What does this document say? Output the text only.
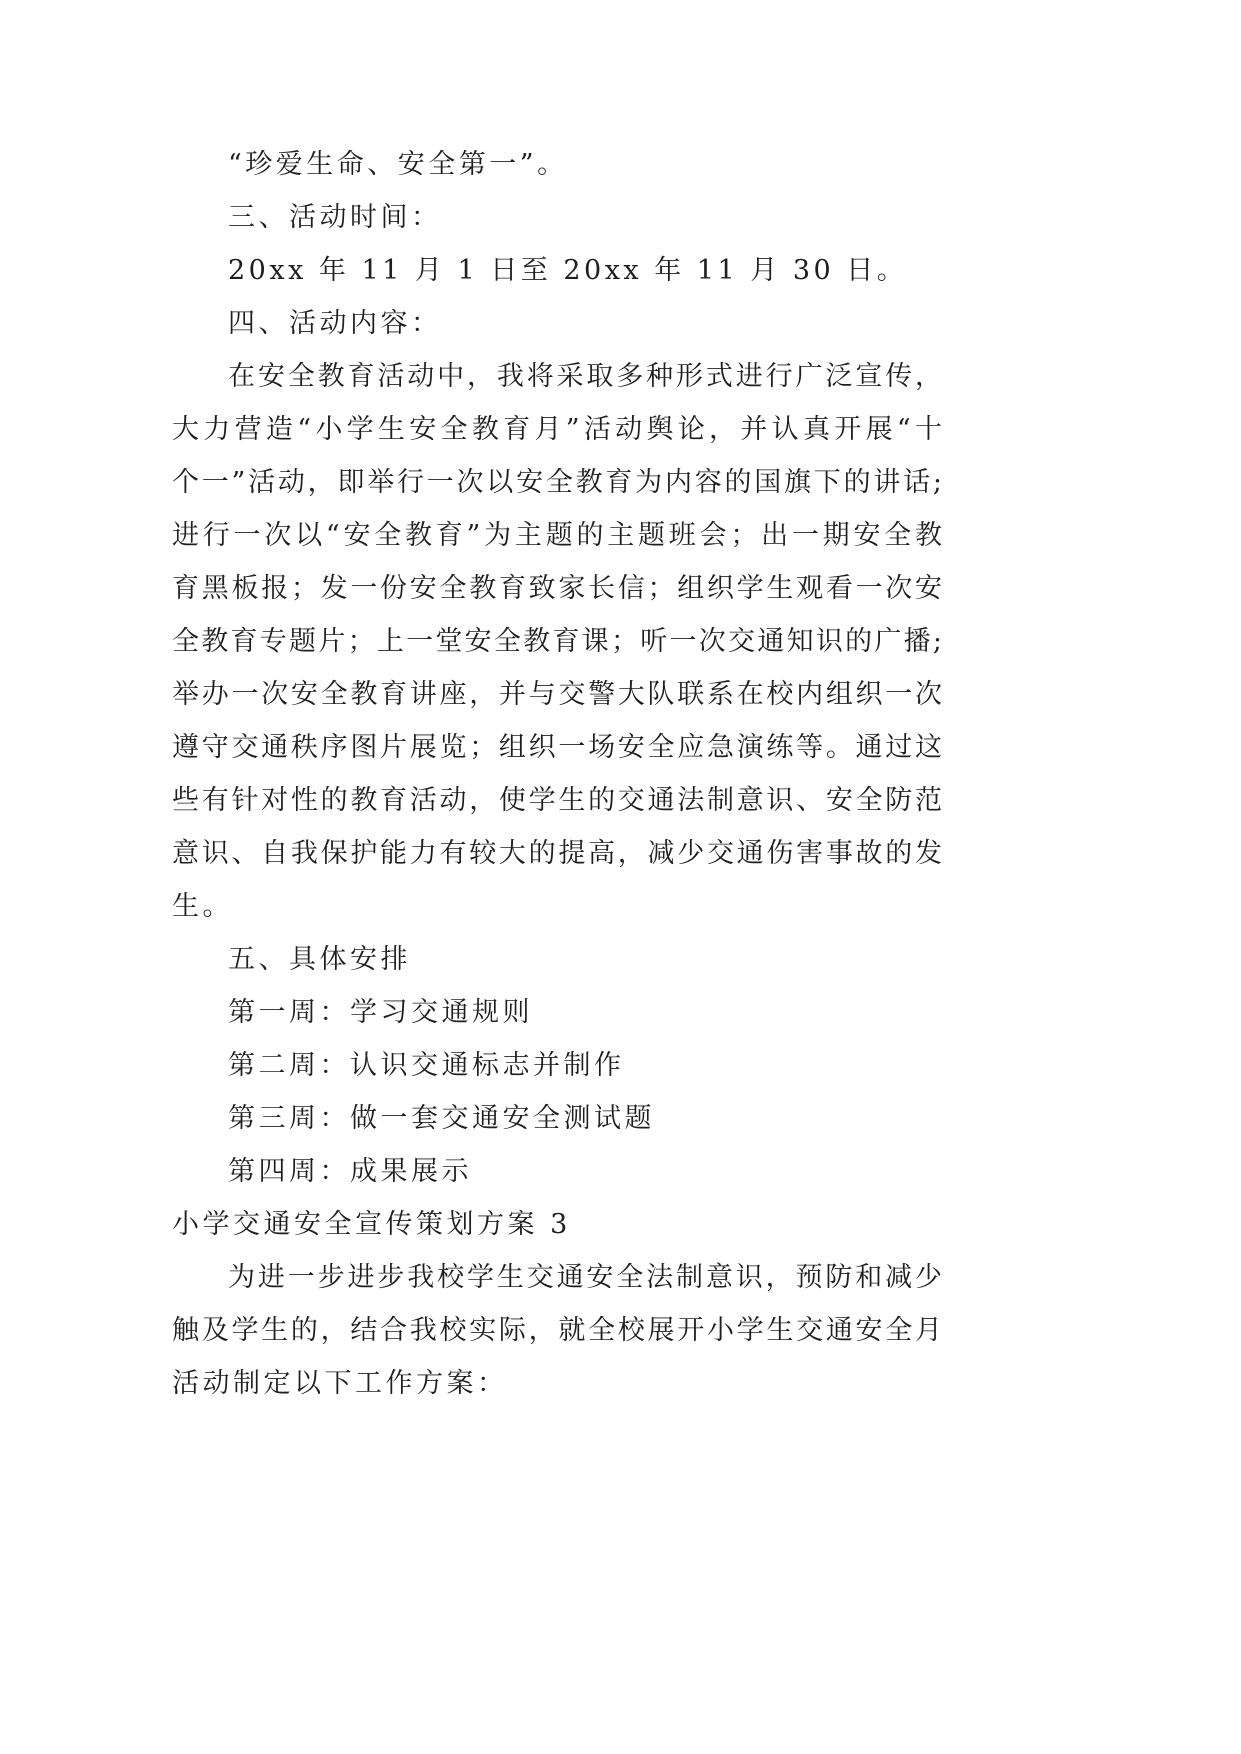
“珍爱生命、安全第一”。
三、活动时间：
20xx 年 11 月 1 日至 20xx 年 11 月 30 日。
四、活动内容：
在安全教育活动中，我将采取多种形式进行广泛宣传，
大力营造“小学生安全教育月”活动舆论，并认真开展“十
个一”活动，即举行一次以安全教育为内容的国旗下的讲话;
进行一次以“安全教育”为主题的主题班会；出一期安全教
育黑板报；发一份安全教育致家长信；组织学生观看一次安
全教育专题片；上一堂安全教育课；听一次交通知识的广播;
举办一次安全教育讲座，并与交警大队联系在校内组织一次
遵守交通秩序图片展览；组织一场安全应急演练等。通过这
些有针对性的教育活动，使学生的交通法制意识、安全防范
意识、自我保护能力有较大的提高，减少交通伤害事故的发
生。
五、具体安排
第一周：学习交通规则
第二周：认识交通标志并制作
第三周：做一套交通安全测试题
第四周：成果展示
小学交通安全宣传策划方案 3
为进一步进步我校学生交通安全法制意识，预防和减少
触及学生的，结合我校实际，就全校展开小学生交通安全月
活动制定以下工作方案：
